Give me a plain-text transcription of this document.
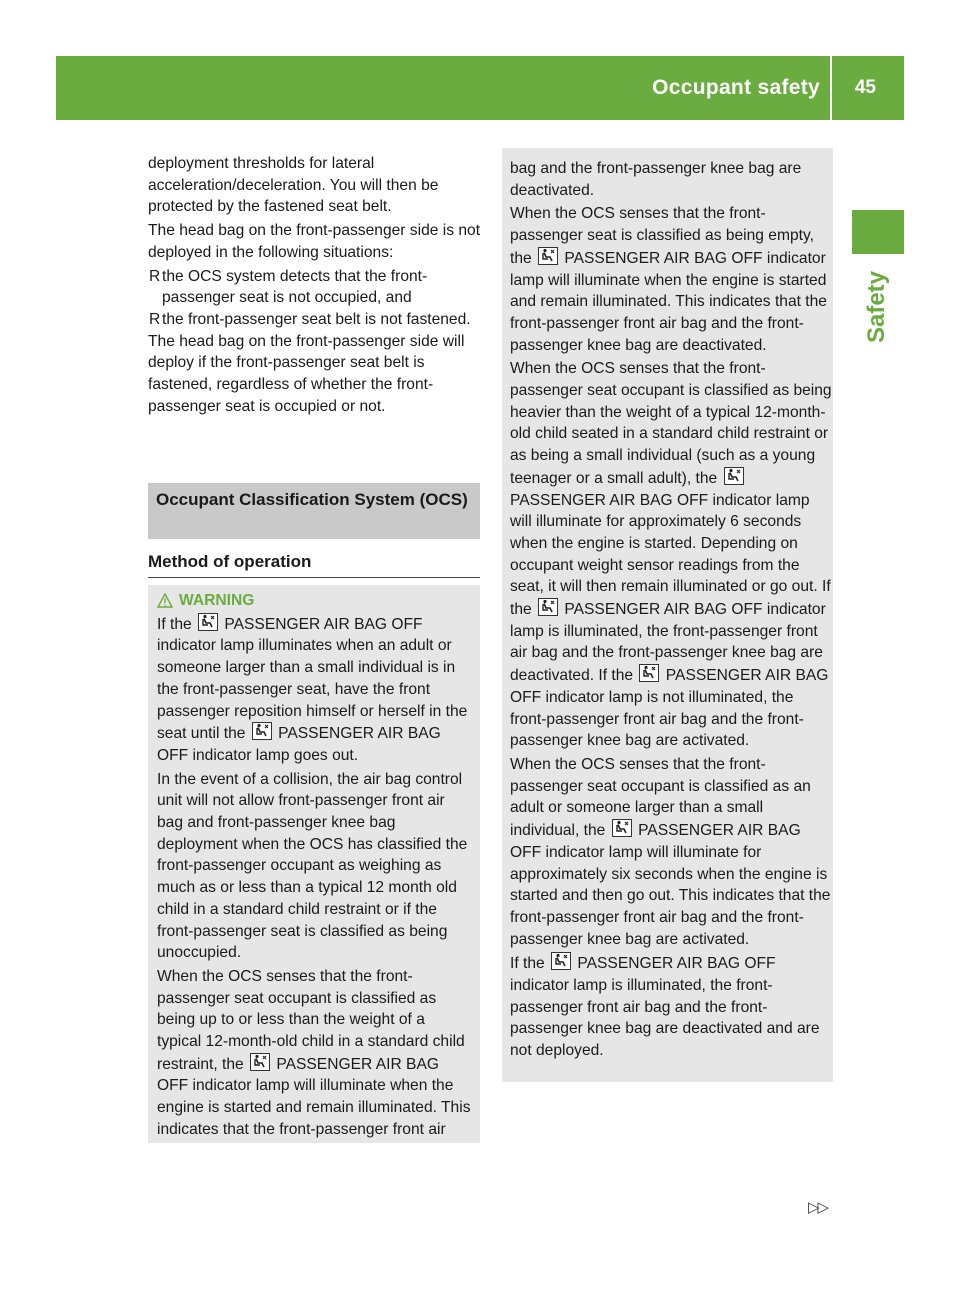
Occupant safety 45
Safety

deployment thresholds for lateral acceleration/deceleration. You will then be protected by the fastened seat belt.

The head bag on the front-passenger side is not deployed in the following situations:

R the OCS system detects that the front-passenger seat is not occupied, and
R the front-passenger seat belt is not fastened.

The head bag on the front-passenger side will deploy if the front-passenger seat belt is fastened, regardless of whether the front-passenger seat is occupied or not.

Occupant Classification System (OCS)
Method of operation
WARNING

If the PASSENGER AIR BAG OFF indicator lamp illuminates when an adult or someone larger than a small individual is in the front-passenger seat, have the front passenger reposition himself or herself in the seat until the PASSENGER AIR BAG OFF indicator lamp goes out.

In the event of a collision, the air bag control unit will not allow front-passenger front air bag and front-passenger knee bag deployment when the OCS has classified the front-passenger occupant as weighing as much as or less than a typical 12 month old child in a standard child restraint or if the front-passenger seat is classified as being unoccupied.

When the OCS senses that the front-passenger seat occupant is classified as being up to or less than the weight of a typical 12-month-old child in a standard child restraint, the PASSENGER AIR BAG OFF indicator lamp will illuminate when the engine is started and remain illuminated. This indicates that the front-passenger front air

bag and the front-passenger knee bag are deactivated.

When the OCS senses that the front-passenger seat is classified as being empty, the PASSENGER AIR BAG OFF indicator lamp will illuminate when the engine is started and remain illuminated. This indicates that the front-passenger front air bag and the front-passenger knee bag are deactivated.

When the OCS senses that the front-passenger seat occupant is classified as being heavier than the weight of a typical 12-month-old child seated in a standard child restraint or as being a small individual (such as a young teenager or a small adult), the
PASSENGER AIR BAG OFF indicator lamp will illuminate for approximately 6 seconds when the engine is started. Depending on occupant weight sensor readings from the seat, it will then remain illuminated or go out. If the PASSENGER AIR BAG OFF indicator lamp is illuminated, the front-passenger front air bag and the front-passenger knee bag are deactivated. If the PASSENGER AIR BAG OFF indicator lamp is not illuminated, the front-passenger front air bag and the front-passenger knee bag are activated.

When the OCS senses that the front-passenger seat occupant is classified as an adult or someone larger than a small individual, the PASSENGER AIR BAG OFF indicator lamp will illuminate for approximately six seconds when the engine is started and then go out. This indicates that the front-passenger front air bag and the front-passenger knee bag are activated.

If the PASSENGER AIR BAG OFF indicator lamp is illuminated, the front-passenger front air bag and the front-passenger knee bag are deactivated and are not deployed.

▷▷
